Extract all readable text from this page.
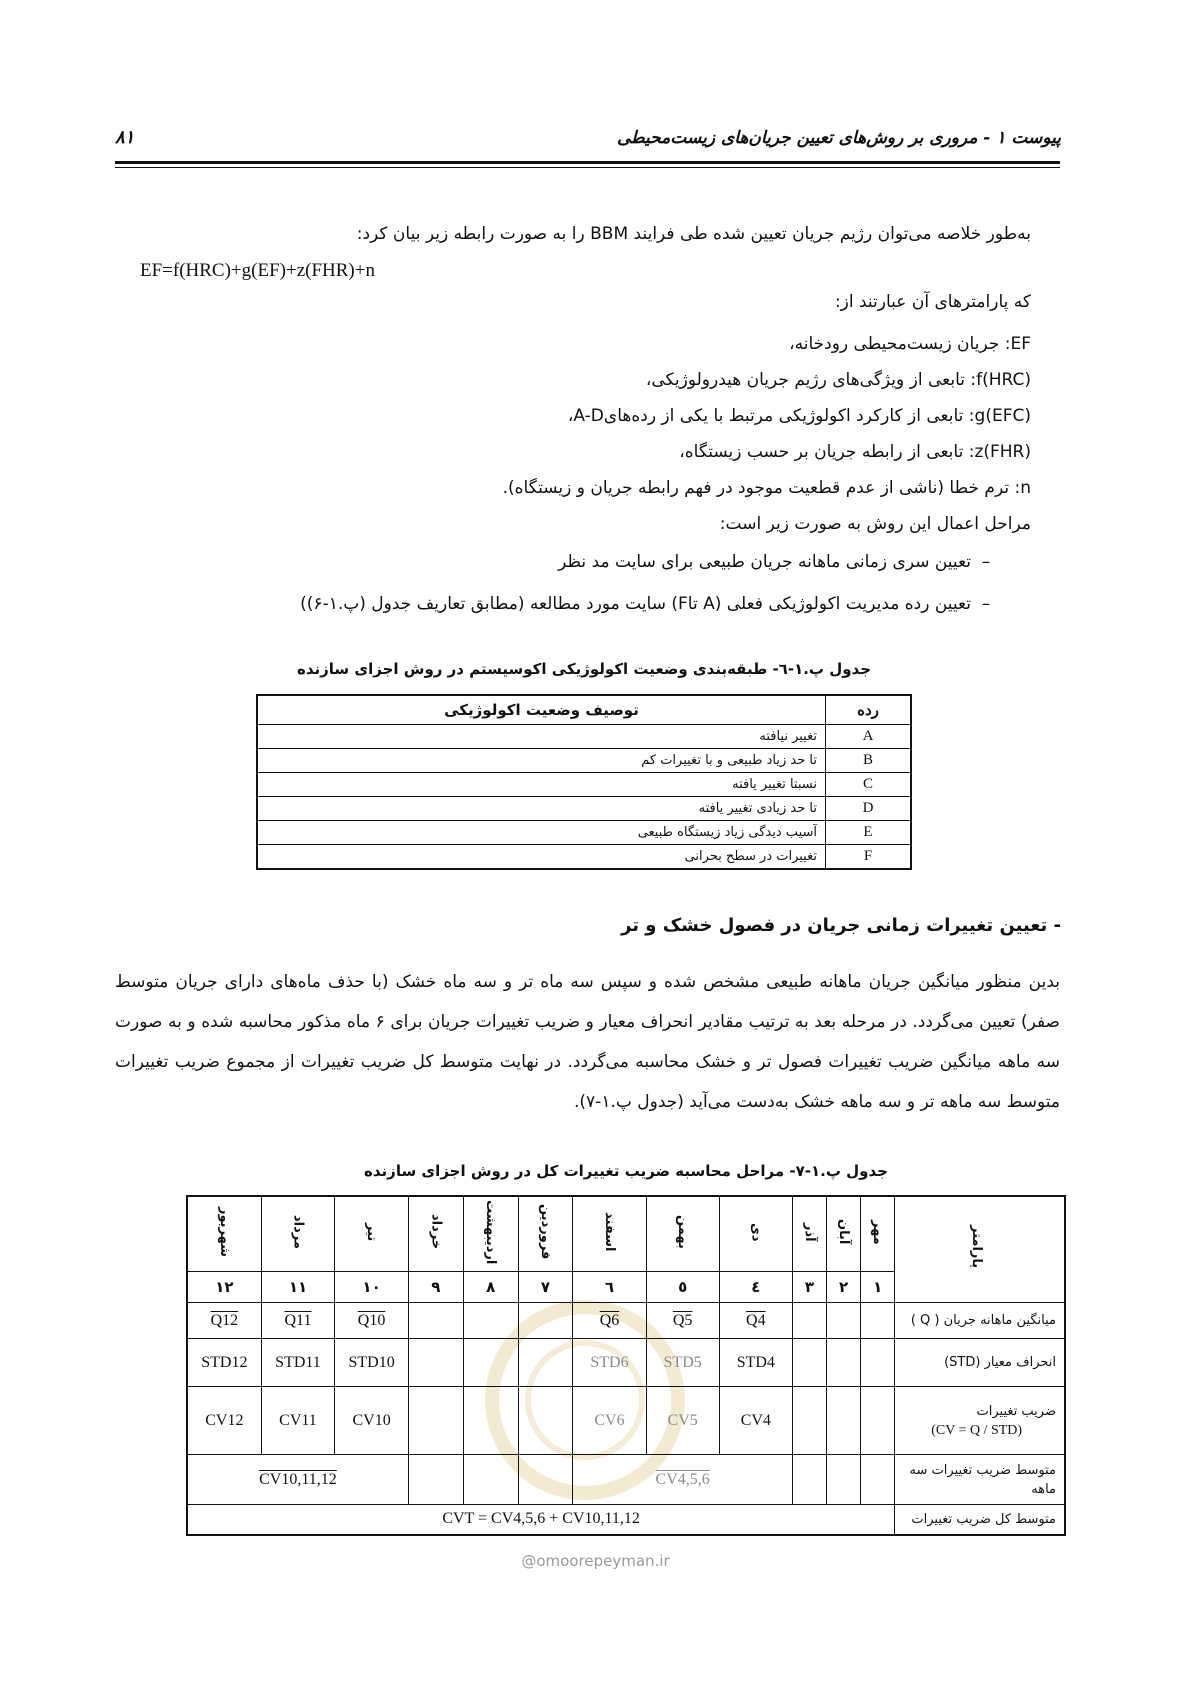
پیوست ۱ - مروری بر روش‌های تعیین جریان‌های زیست‌محیطی
۸۱
به‌طور خلاصه می‌توان رژیم جریان تعیین شده طی فرایند BBM را به صورت رابطه زیر بیان کرد:
EF=f(HRC)+g(EF)+z(FHR)+n
که پارامترهای آن عبارتند از:
EF: جریان زیست‌محیطی رودخانه،
f(HRC): تابعی از ویژگی‌های رژیم جریان هیدرولوژیکی،
g(EFC): تابعی از کارکرد اکولوژیکی مرتبط با یکی از رده‌هایA-D،
z(FHR): تابعی از رابطه جریان بر حسب زیستگاه،
n: ترم خطا (ناشی از عدم قطعیت موجود در فهم رابطه جریان و زیستگاه).
مراحل اعمال این روش به صورت زیر است:
–تعیین سری زمانی ماهانه جریان طبیعی برای سایت مد نظر
–تعیین رده مدیریت اکولوژیکی فعلی (A تاF) سایت مورد مطالعه (مطابق تعاریف جدول (پ.۱-۶))
جدول پ.۱-٦- طبقه‌بندی وضعیت اکولوژیکی اکوسیستم در روش اجزای سازنده
رده	توصیف وضعیت اکولوژیکی
A	تغییر نیافته
B	تا حد زیاد طبیعی و با تغییرات کم
C	نسبتا تغییر یافته
D	تا حد زیادی تغییر یافته
E	آسیب دیدگی زیاد زیستگاه طبیعی
F	تغییرات در سطح بحرانی
- تعیین تغییرات زمانی جریان در فصول خشک و تر
بدین منظور میانگین جریان ماهانه طبیعی مشخص شده و سپس سه ماه تر و سه ماه خشک (با حذف ماه‌های دارای جریان متوسط صفر) تعیین می‌گردد. در مرحله بعد به ترتیب مقادیر انحراف معیار و ضریب تغییرات جریان برای ۶ ماه مذکور محاسبه شده و به صورت سه ماهه میانگین ضریب تغییرات فصول تر و خشک محاسبه می‌گردد. در نهایت متوسط کل ضریب تغییرات از مجموع ضریب تغییرات متوسط سه ماهه تر و سه ماهه خشک به‌دست می‌آید (جدول پ.۱-۷).
جدول پ.۱-۷- مراحل محاسبه ضریب تغییرات کل در روش اجزای سازنده
پارامتر	مهر	آبان	آذر	دی	بهمن	اسفند	فروردین	اردیبهشت	خرداد	تیر	مرداد	شهریور
	۱	۲	۳	٤	٥	٦	۷	۸	۹	۱۰	۱۱	۱۲
میانگین ماهانه جریان ( Q )				Q4	Q5	Q6				Q10	Q11	Q12
انحراف معیار (STD)				STD4	STD5	STD6				STD10	STD11	STD12

ضریب تغییرات
(CV = Q / STD)				CV4	CV5	CV6				CV10	CV11	CV12
متوسط ضریب تغییرات سه ماهه				CV4,5,6						CV10,11,12		
متوسط کل ضریب تغییرات	CVT = CV4,5,6 + CV10,11,12											
@omoorepeyman.ir
